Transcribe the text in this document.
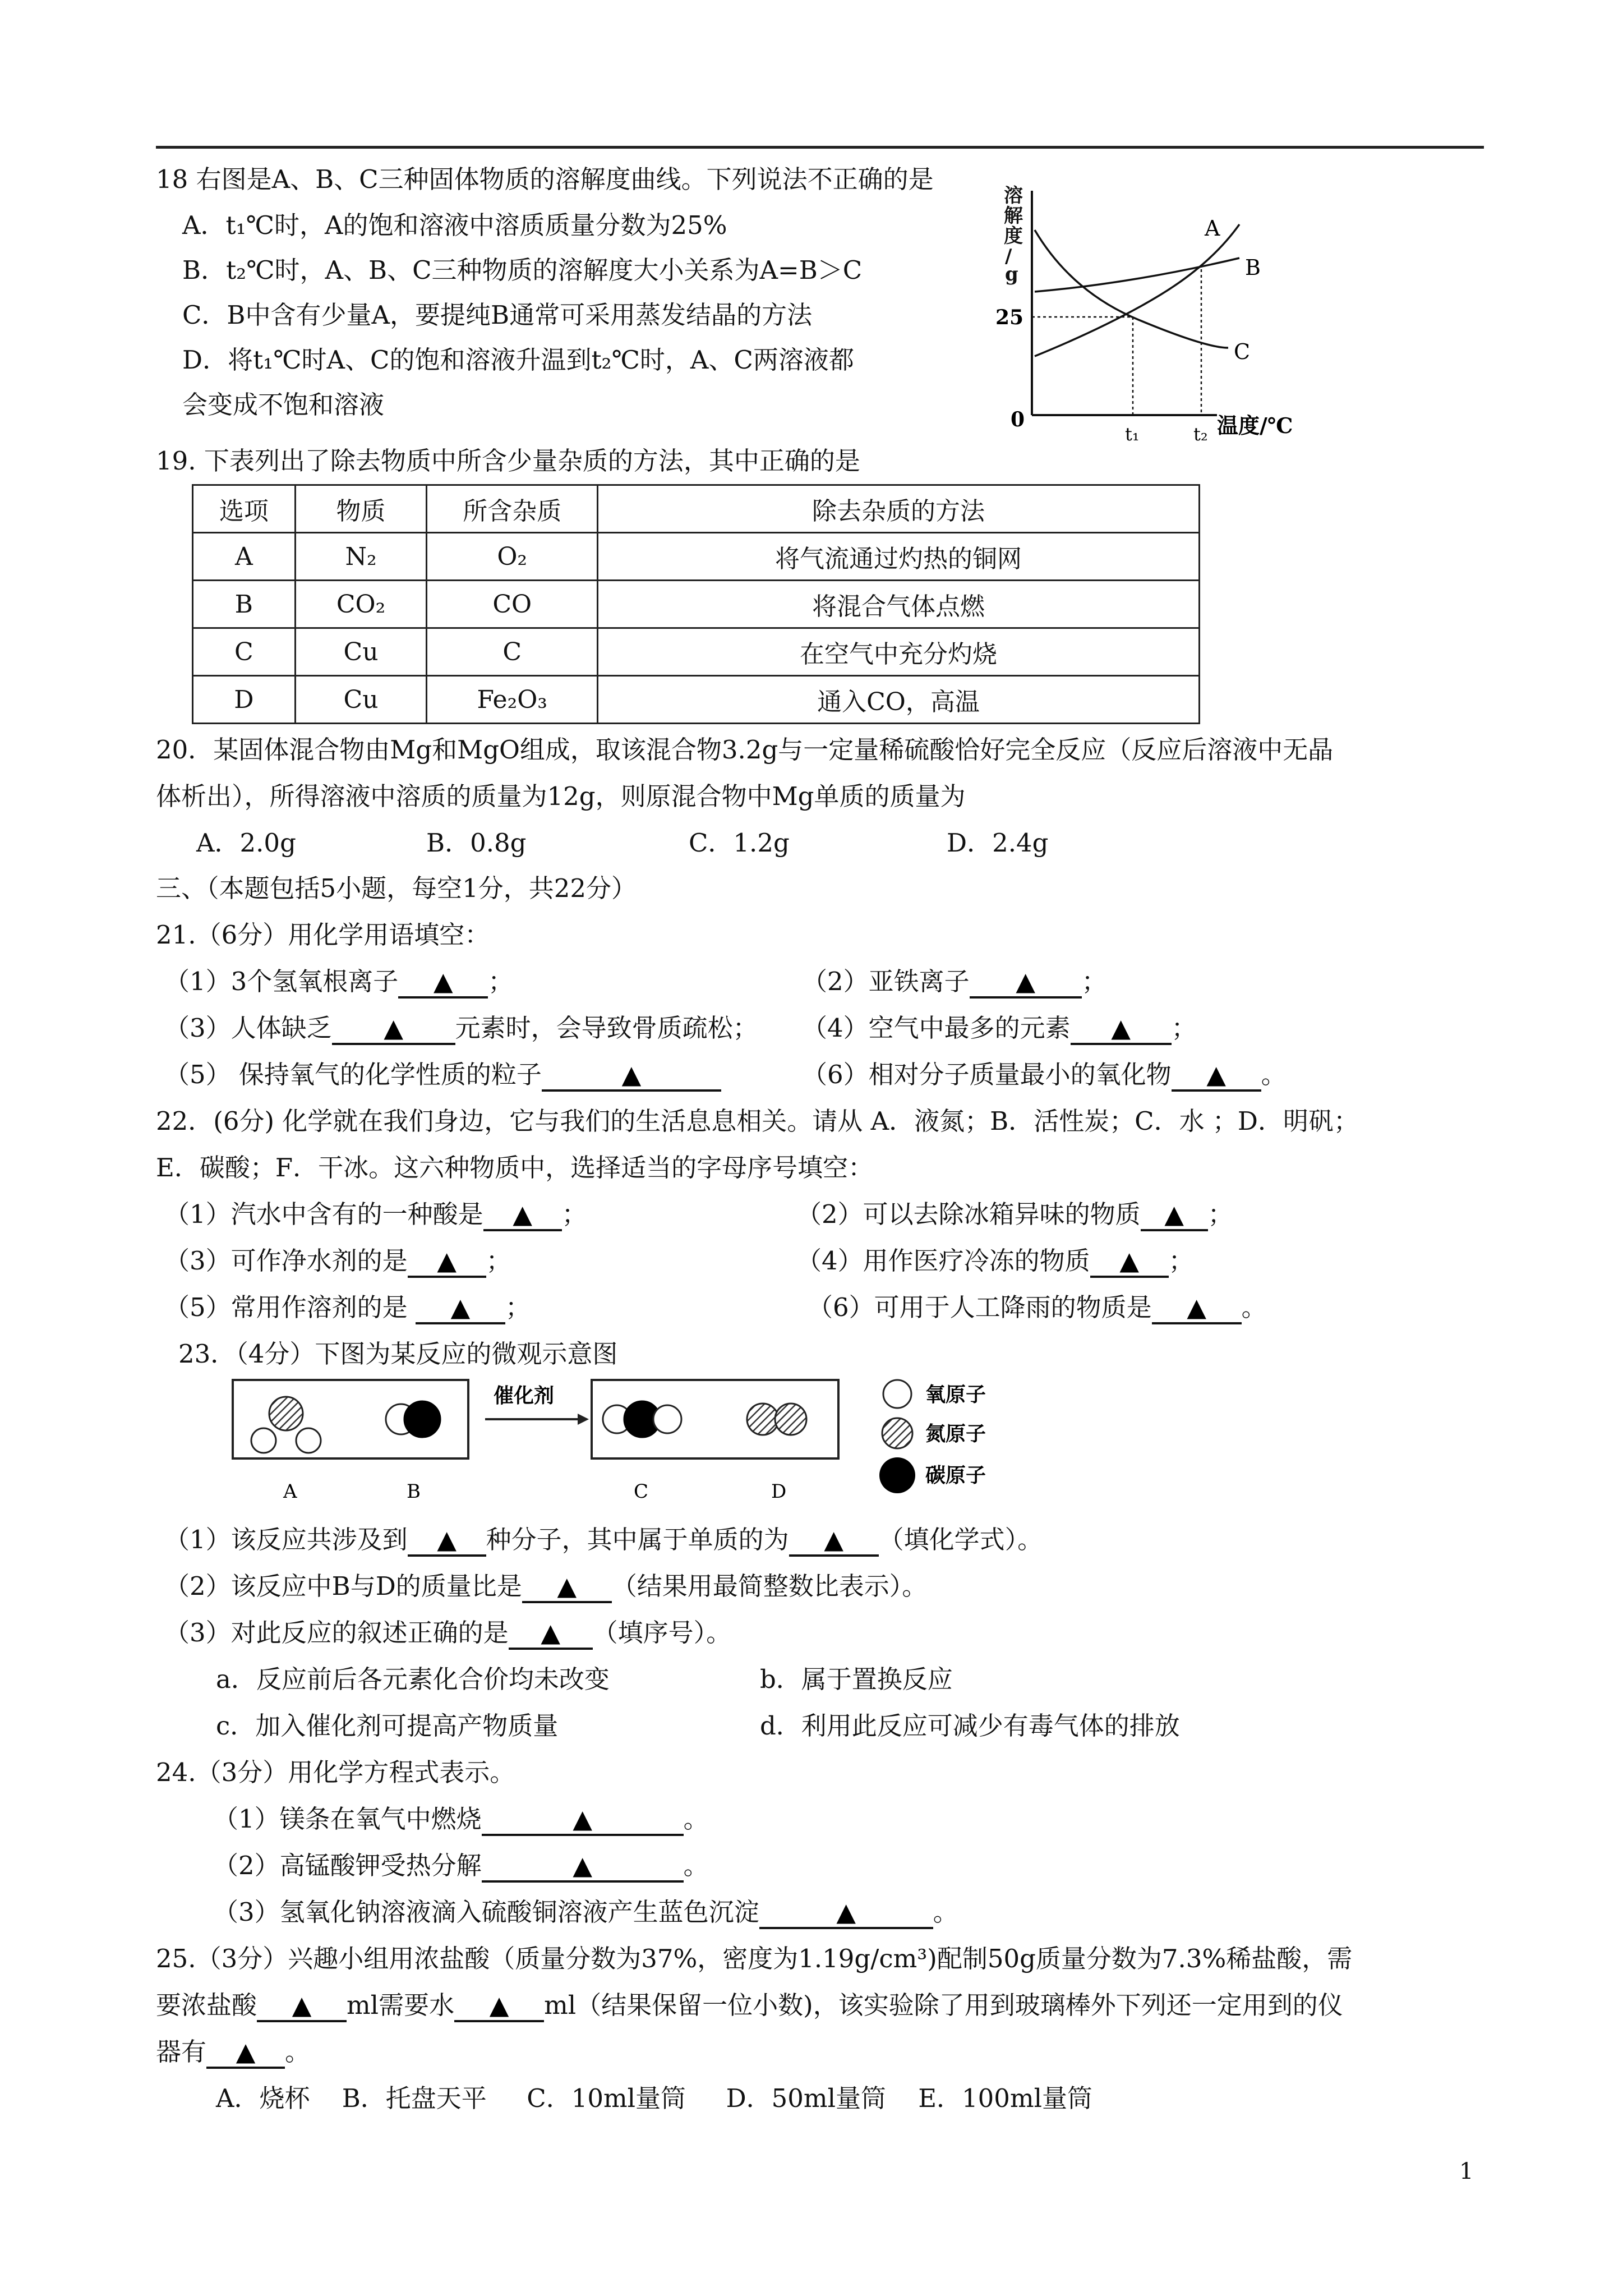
18 右图是A、B、C三种固体物质的溶解度曲线。下列说法不正确的是
A．t₁℃时，A的饱和溶液中溶质质量分数为25%
B．t₂℃时，A、B、C三种物质的溶解度大小关系为A=B＞C
C．B中含有少量A，要提纯B通常可采用蒸发结晶的方法
D．将t₁℃时A、C的饱和溶液升温到t₂℃时，A、C两溶液都
会变成不饱和溶液
溶解度/ g
A
B
C
25
0
t₁	t₂ 温度/℃
19. 下表列出了除去物质中所含少量杂质的方法，其中正确的是
选项	物质	所含杂质	除去杂质的方法
A	N₂	O₂	将气流通过灼热的铜网
B	CO₂	CO	将混合气体点燃
C	Cu	C	在空气中充分灼烧
D	Cu	Fe₂O₃	通入CO，高温
20．某固体混合物由Mg和MgO组成，取该混合物3.2g与一定量稀硫酸恰好完全反应（反应后溶液中无晶
体析出），所得溶液中溶质的质量为12g，则原混合物中Mg单质的质量为
A．2.0g	B．0.8g	C．1.2g	D．2.4g
三、（本题包括5小题，每空1分，共22分）
21.（6分）用化学用语填空：
（1）3个氢氧根离子 ▲ ；	（2）亚铁离子 ▲ ；
（3）人体缺乏 ▲ 元素时，会导致骨质疏松； （4）空气中最多的元素 ▲ ；
（5） 保持氧气的化学性质的粒子	▲	（6）相对分子质量最小的氧化物 ▲ 。
22．(6分) 化学就在我们身边，它与我们的生活息息相关。请从 A．液氮；B．活性炭；C．水 ；D．明矾；
E．碳酸；F．干冰。这六种物质中，选择适当的字母序号填空：
（1）汽水中含有的一种酸是 ▲ ；	（2）可以去除冰箱异味的物质 ▲ ；
（3）可作净水剂的是 ▲ ；	（4）用作医疗冷冻的物质 ▲ ；
（5）常用作溶剂的是 ▲ ；	（6）可用于人工降雨的物质是 ▲ 。
23．（4分）下图为某反应的微观示意图
催化剂
A	B	C	D
氧原子
氮原子
碳原子
（1）该反应共涉及到 ▲ 种分子，其中属于单质的为 ▲ （填化学式）。
（2）该反应中B与D的质量比是 ▲ （结果用最简整数比表示）。
（3）对此反应的叙述正确的是 ▲ （填序号）。
a．反应前后各元素化合价均未改变	b．属于置换反应
c．加入催化剂可提高产物质量	d．利用此反应可减少有毒气体的排放
24.（3分）用化学方程式表示。
（1）镁条在氧气中燃烧	▲	。
（2）高锰酸钾受热分解	▲	。
（3）氢氧化钠溶液滴入硫酸铜溶液产生蓝色沉淀	▲	。
25.（3分）兴趣小组用浓盐酸（质量分数为37%，密度为1.19g/cm³)配制50g质量分数为7.3%稀盐酸，需
要浓盐酸 ▲ ml需要水 ▲ ml（结果保留一位小数)，该实验除了用到玻璃棒外下列还一定用到的仪
器有 ▲ 。
A．烧杯    B．托盘天平     C．10ml量筒     D．50ml量筒    E．100ml量筒
1
